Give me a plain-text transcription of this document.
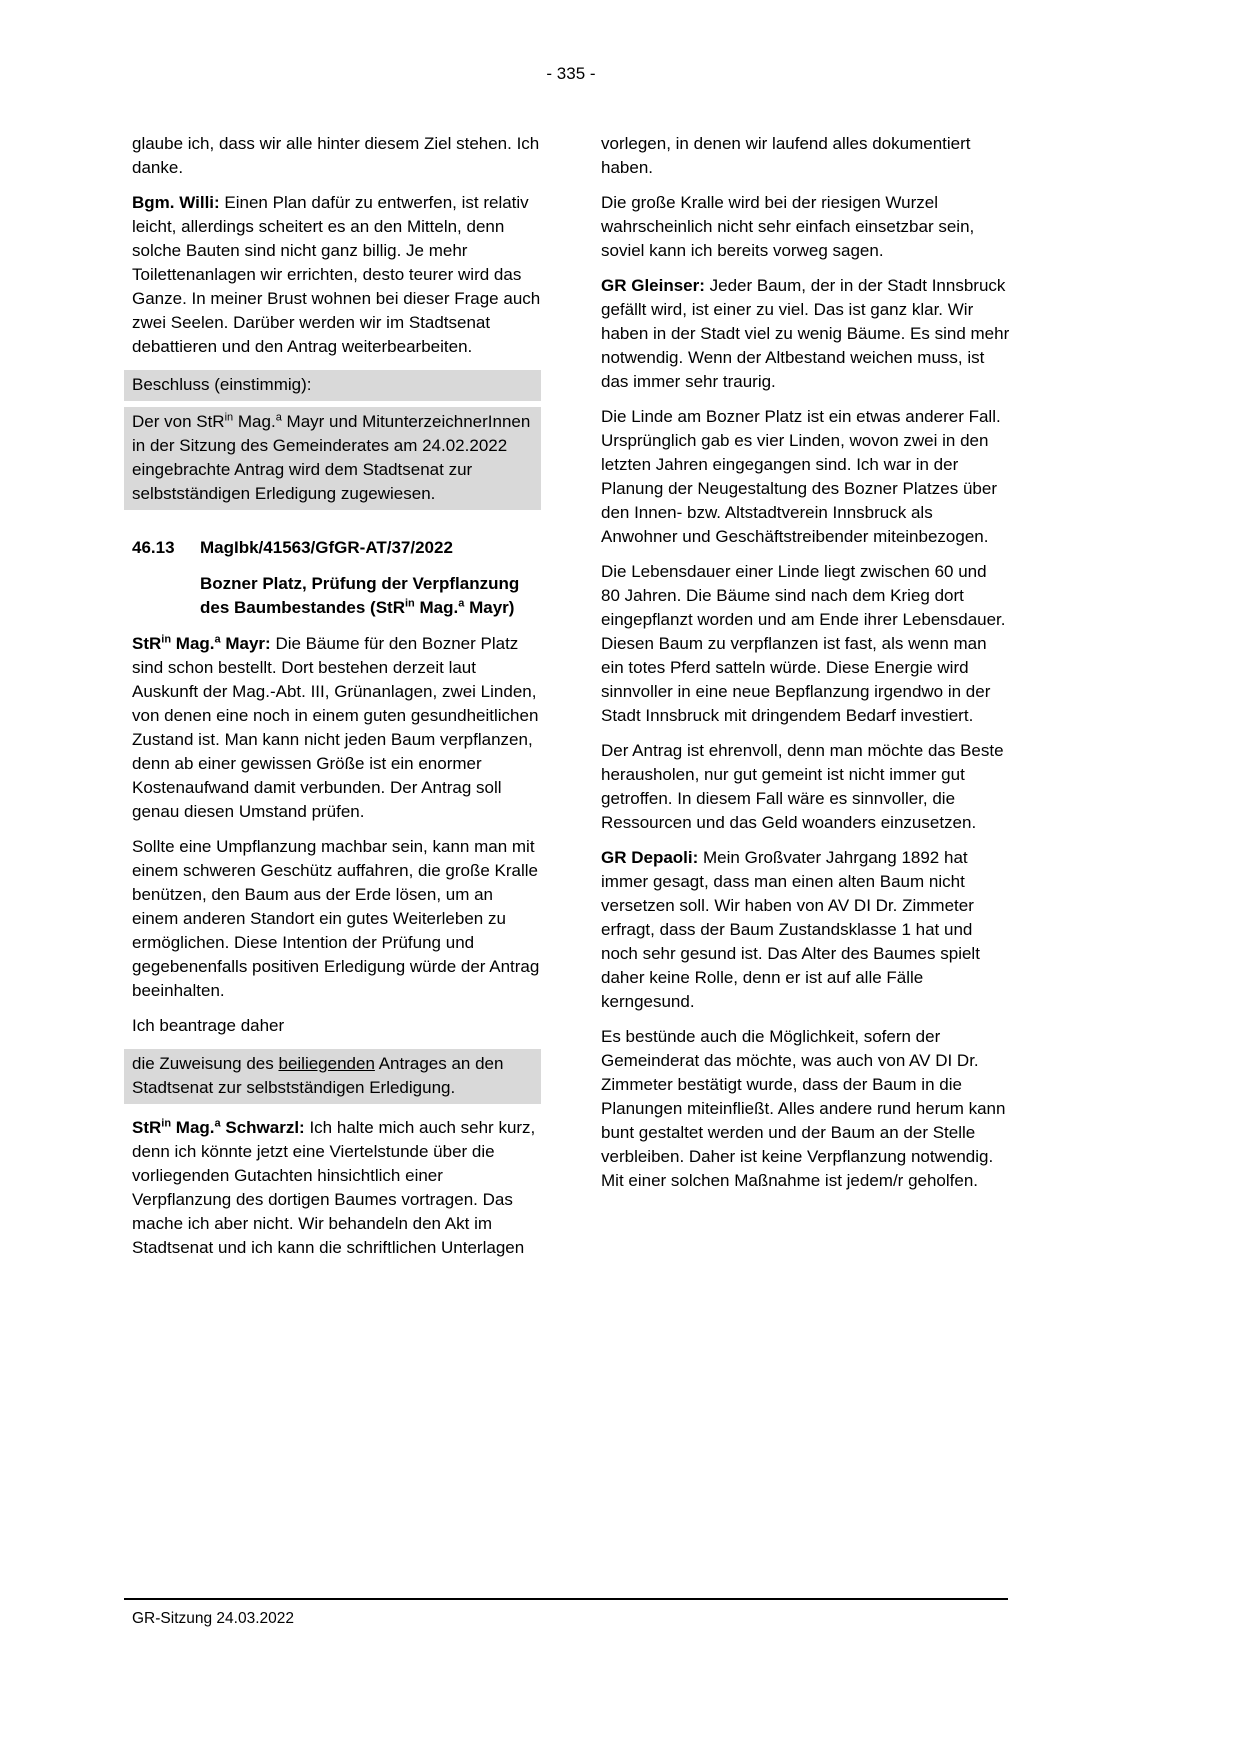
- 335 -

glaube ich, dass wir alle hinter diesem Ziel stehen. Ich danke.

Bgm. Willi: Einen Plan dafür zu entwerfen, ist relativ leicht, allerdings scheitert es an den Mitteln, denn solche Bauten sind nicht ganz billig. Je mehr Toilettenanlagen wir errichten, desto teurer wird das Ganze. In meiner Brust wohnen bei dieser Frage auch zwei Seelen. Darüber werden wir im Stadtsenat debattieren und den Antrag weiterbearbeiten.

Beschluss (einstimmig):
Der von StR$^{in}$ Mag.$^a$ Mayr und MitunterzeichnerInnen in der Sitzung des Gemeinderates am 24.02.2022 eingebrachte Antrag wird dem Stadtsenat zur selbstständigen Erledigung zugewiesen.
46.13	MagIbk/41563/GfGR-AT/37/2022
Bozner Platz, Prüfung der Verpflanzung des Baumbestandes (StR$^{in}$ Mag.$^a$ Mayr)

StR$^{in}$ Mag.$^a$ Mayr: Die Bäume für den Bozner Platz sind schon bestellt. Dort bestehen derzeit laut Auskunft der Mag.-Abt. III, Grünanlagen, zwei Linden, von denen eine noch in einem guten gesundheitlichen Zustand ist. Man kann nicht jeden Baum verpflanzen, denn ab einer gewissen Größe ist ein enormer Kostenaufwand damit verbunden. Der Antrag soll genau diesen Umstand prüfen.

Sollte eine Umpflanzung machbar sein, kann man mit einem schweren Geschütz auffahren, die große Kralle benützen, den Baum aus der Erde lösen, um an einem anderen Standort ein gutes Weiterleben zu ermöglichen. Diese Intention der Prüfung und gegebenenfalls positiven Erledigung würde der Antrag beeinhalten.

Ich beantrage daher

die Zuweisung des beiliegenden Antrages an den Stadtsenat zur selbstständigen Erledigung.

StR$^{in}$ Mag.$^a$ Schwarzl: Ich halte mich auch sehr kurz, denn ich könnte jetzt eine Viertelstunde über die vorliegenden Gutachten hinsichtlich einer Verpflanzung des dortigen Baumes vortragen. Das mache ich aber nicht. Wir behandeln den Akt im Stadtsenat und ich kann die schriftlichen Unterlagen

vorlegen, in denen wir laufend alles dokumentiert haben.

Die große Kralle wird bei der riesigen Wurzel wahrscheinlich nicht sehr einfach einsetzbar sein, soviel kann ich bereits vorweg sagen.

GR Gleinser: Jeder Baum, der in der Stadt Innsbruck gefällt wird, ist einer zu viel. Das ist ganz klar. Wir haben in der Stadt viel zu wenig Bäume. Es sind mehr notwendig. Wenn der Altbestand weichen muss, ist das immer sehr traurig.

Die Linde am Bozner Platz ist ein etwas anderer Fall. Ursprünglich gab es vier Linden, wovon zwei in den letzten Jahren eingegangen sind. Ich war in der Planung der Neugestaltung des Bozner Platzes über den Innen- bzw. Altstadtverein Innsbruck als Anwohner und Geschäftstreibender miteinbezogen.

Die Lebensdauer einer Linde liegt zwischen 60 und 80 Jahren. Die Bäume sind nach dem Krieg dort eingepflanzt worden und am Ende ihrer Lebensdauer. Diesen Baum zu verpflanzen ist fast, als wenn man ein totes Pferd satteln würde. Diese Energie wird sinnvoller in eine neue Bepflanzung irgendwo in der Stadt Innsbruck mit dringendem Bedarf investiert.

Der Antrag ist ehrenvoll, denn man möchte das Beste herausholen, nur gut gemeint ist nicht immer gut getroffen. In diesem Fall wäre es sinnvoller, die Ressourcen und das Geld woanders einzusetzen.

GR Depaoli: Mein Großvater Jahrgang 1892 hat immer gesagt, dass man einen alten Baum nicht versetzen soll. Wir haben von AV DI Dr. Zimmeter erfragt, dass der Baum Zustandsklasse 1 hat und noch sehr gesund ist. Das Alter des Baumes spielt daher keine Rolle, denn er ist auf alle Fälle kerngesund.

Es bestünde auch die Möglichkeit, sofern der Gemeinderat das möchte, was auch von AV DI Dr. Zimmeter bestätigt wurde, dass der Baum in die Planungen miteinfließt. Alles andere rund herum kann bunt gestaltet werden und der Baum an der Stelle verbleiben. Daher ist keine Verpflanzung notwendig. Mit einer solchen Maßnahme ist jedem/r geholfen.

GR-Sitzung 24.03.2022
